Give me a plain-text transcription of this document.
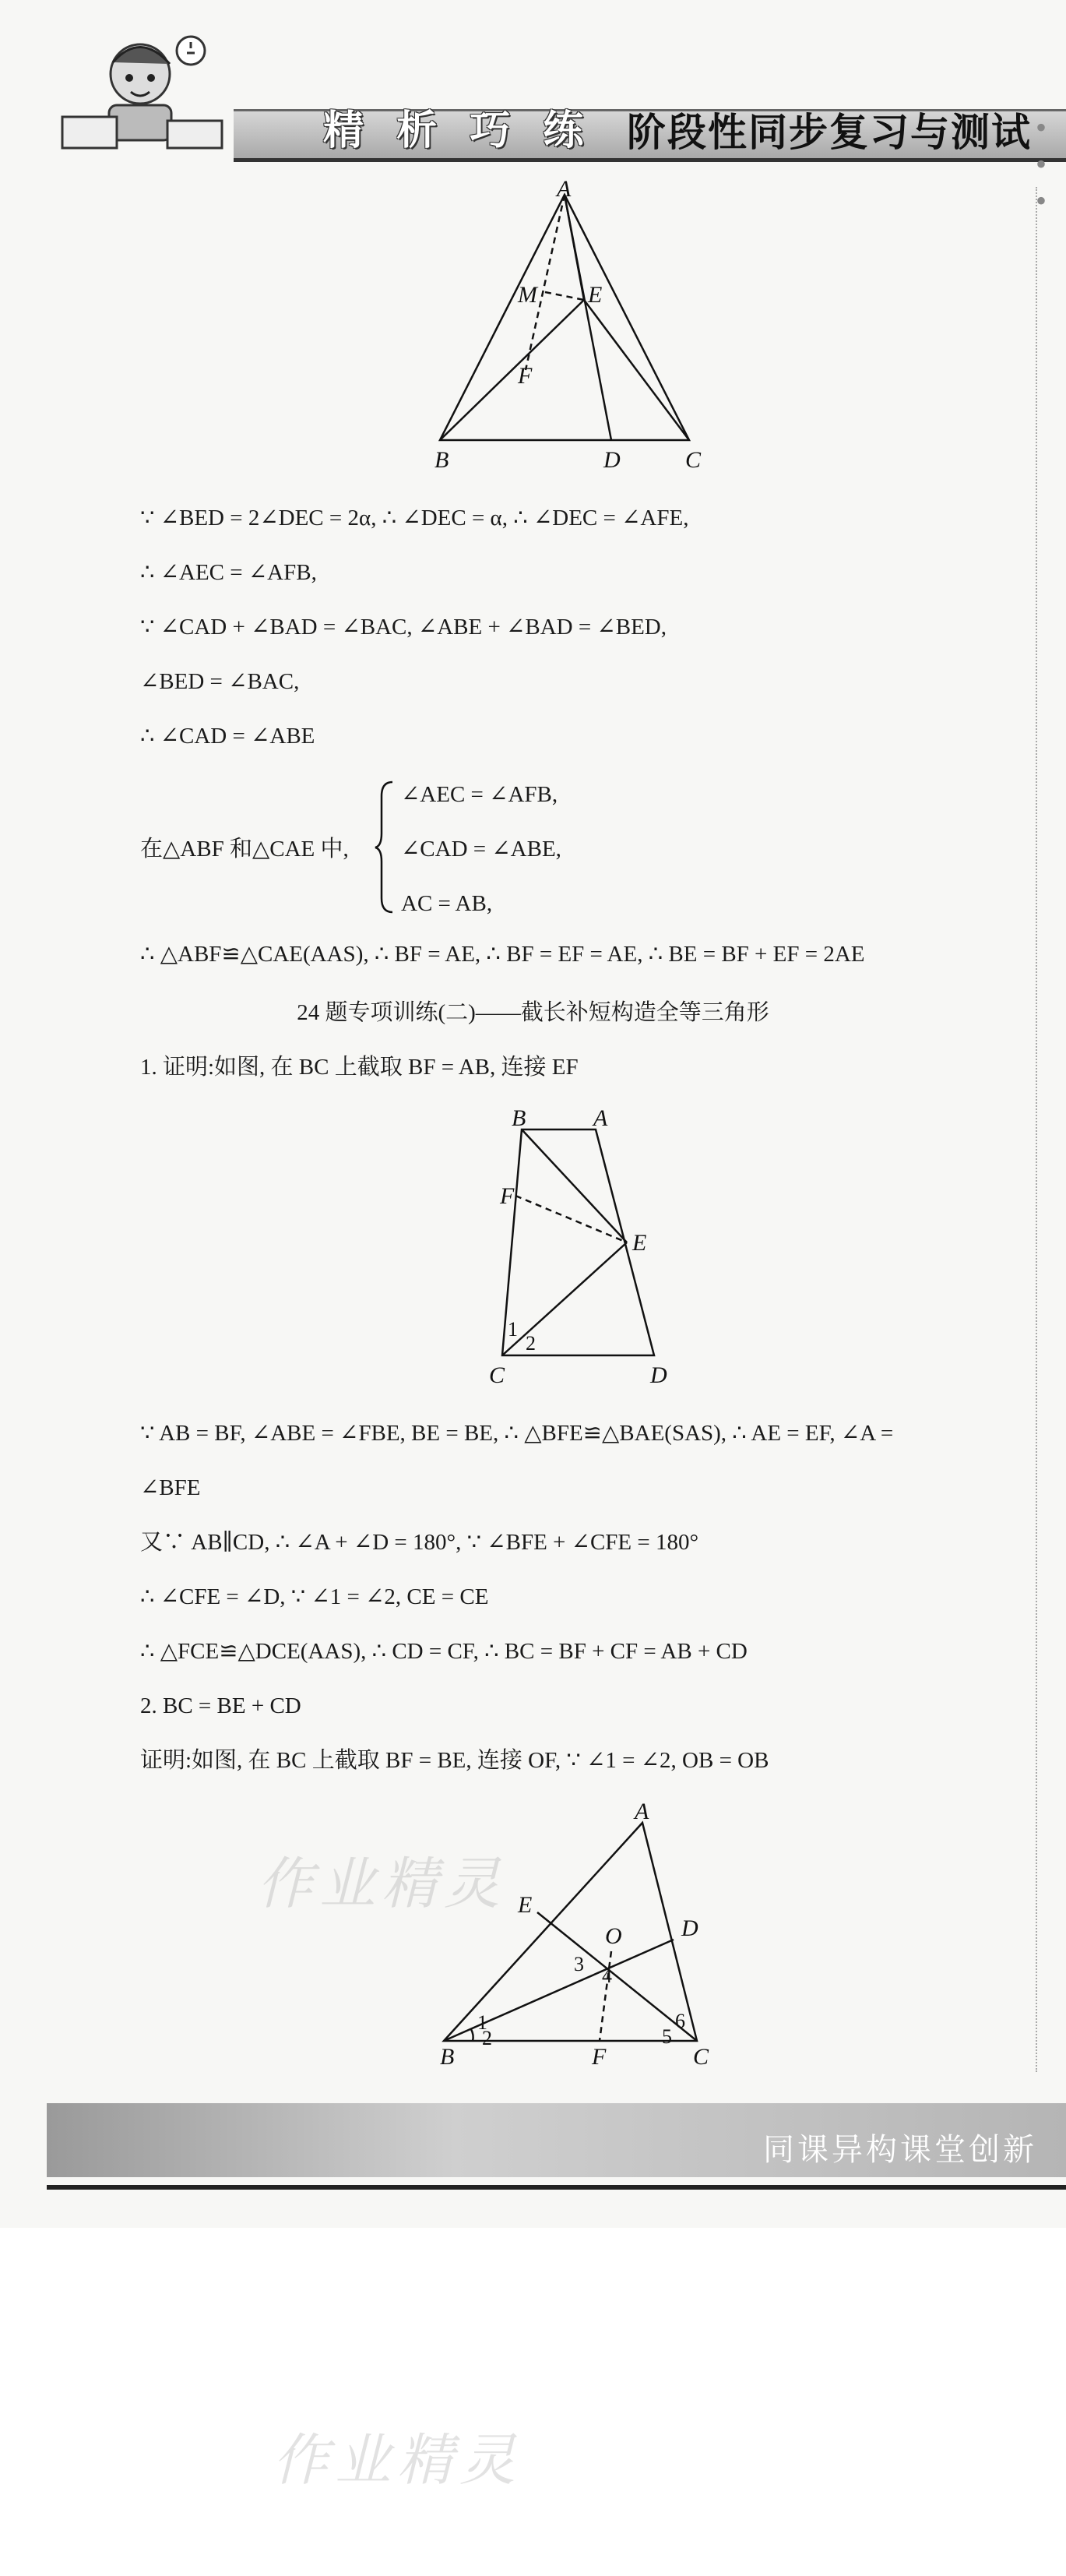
精 析 巧 练 阶段性同步复习与测试 • • •
A
M E
F
B	D	C
∵ ∠BED = 2∠DEC = 2α, ∴ ∠DEC = α, ∴ ∠DEC = ∠AFE,
∴ ∠AEC = ∠AFB,
∵ ∠CAD + ∠BAD = ∠BAC, ∠ABE + ∠BAD = ∠BED,
∠BED = ∠BAC,
∴ ∠CAD = ∠ABE
在△ABF 和△CAE 中,
∠AEC = ∠AFB,
∠CAD = ∠ABE,
AC = AB,
∴ △ABF≌△CAE(AAS), ∴ BF = AE, ∴ BF = EF = AE, ∴ BE = BF + EF = 2AE
24 题专项训练(二)——截长补短构造全等三角形
1. 证明:如图, 在 BC 上截取 BF = AB, 连接 EF
B	A
F
E
1
2
C	D
∵ AB = BF, ∠ABE = ∠FBE, BE = BE, ∴ △BFE≌△BAE(SAS), ∴ AE = EF, ∠A =
∠BFE
又∵ AB∥CD, ∴ ∠A + ∠D = 180°, ∵ ∠BFE + ∠CFE = 180°
∴ ∠CFE = ∠D, ∵ ∠1 = ∠2, CE = CE
∴ △FCE≌△DCE(AAS), ∴ CD = CF, ∴ BC = BF + CF = AB + CD
2. BC = BE + CD
证明:如图, 在 BC 上截取 BF = BE, 连接 OF, ∵ ∠1 = ∠2, OB = OB
A
E
D
O
3
4
1
2	5
6
B	F	C
作业精灵
同课异构课堂创新
作业精灵
